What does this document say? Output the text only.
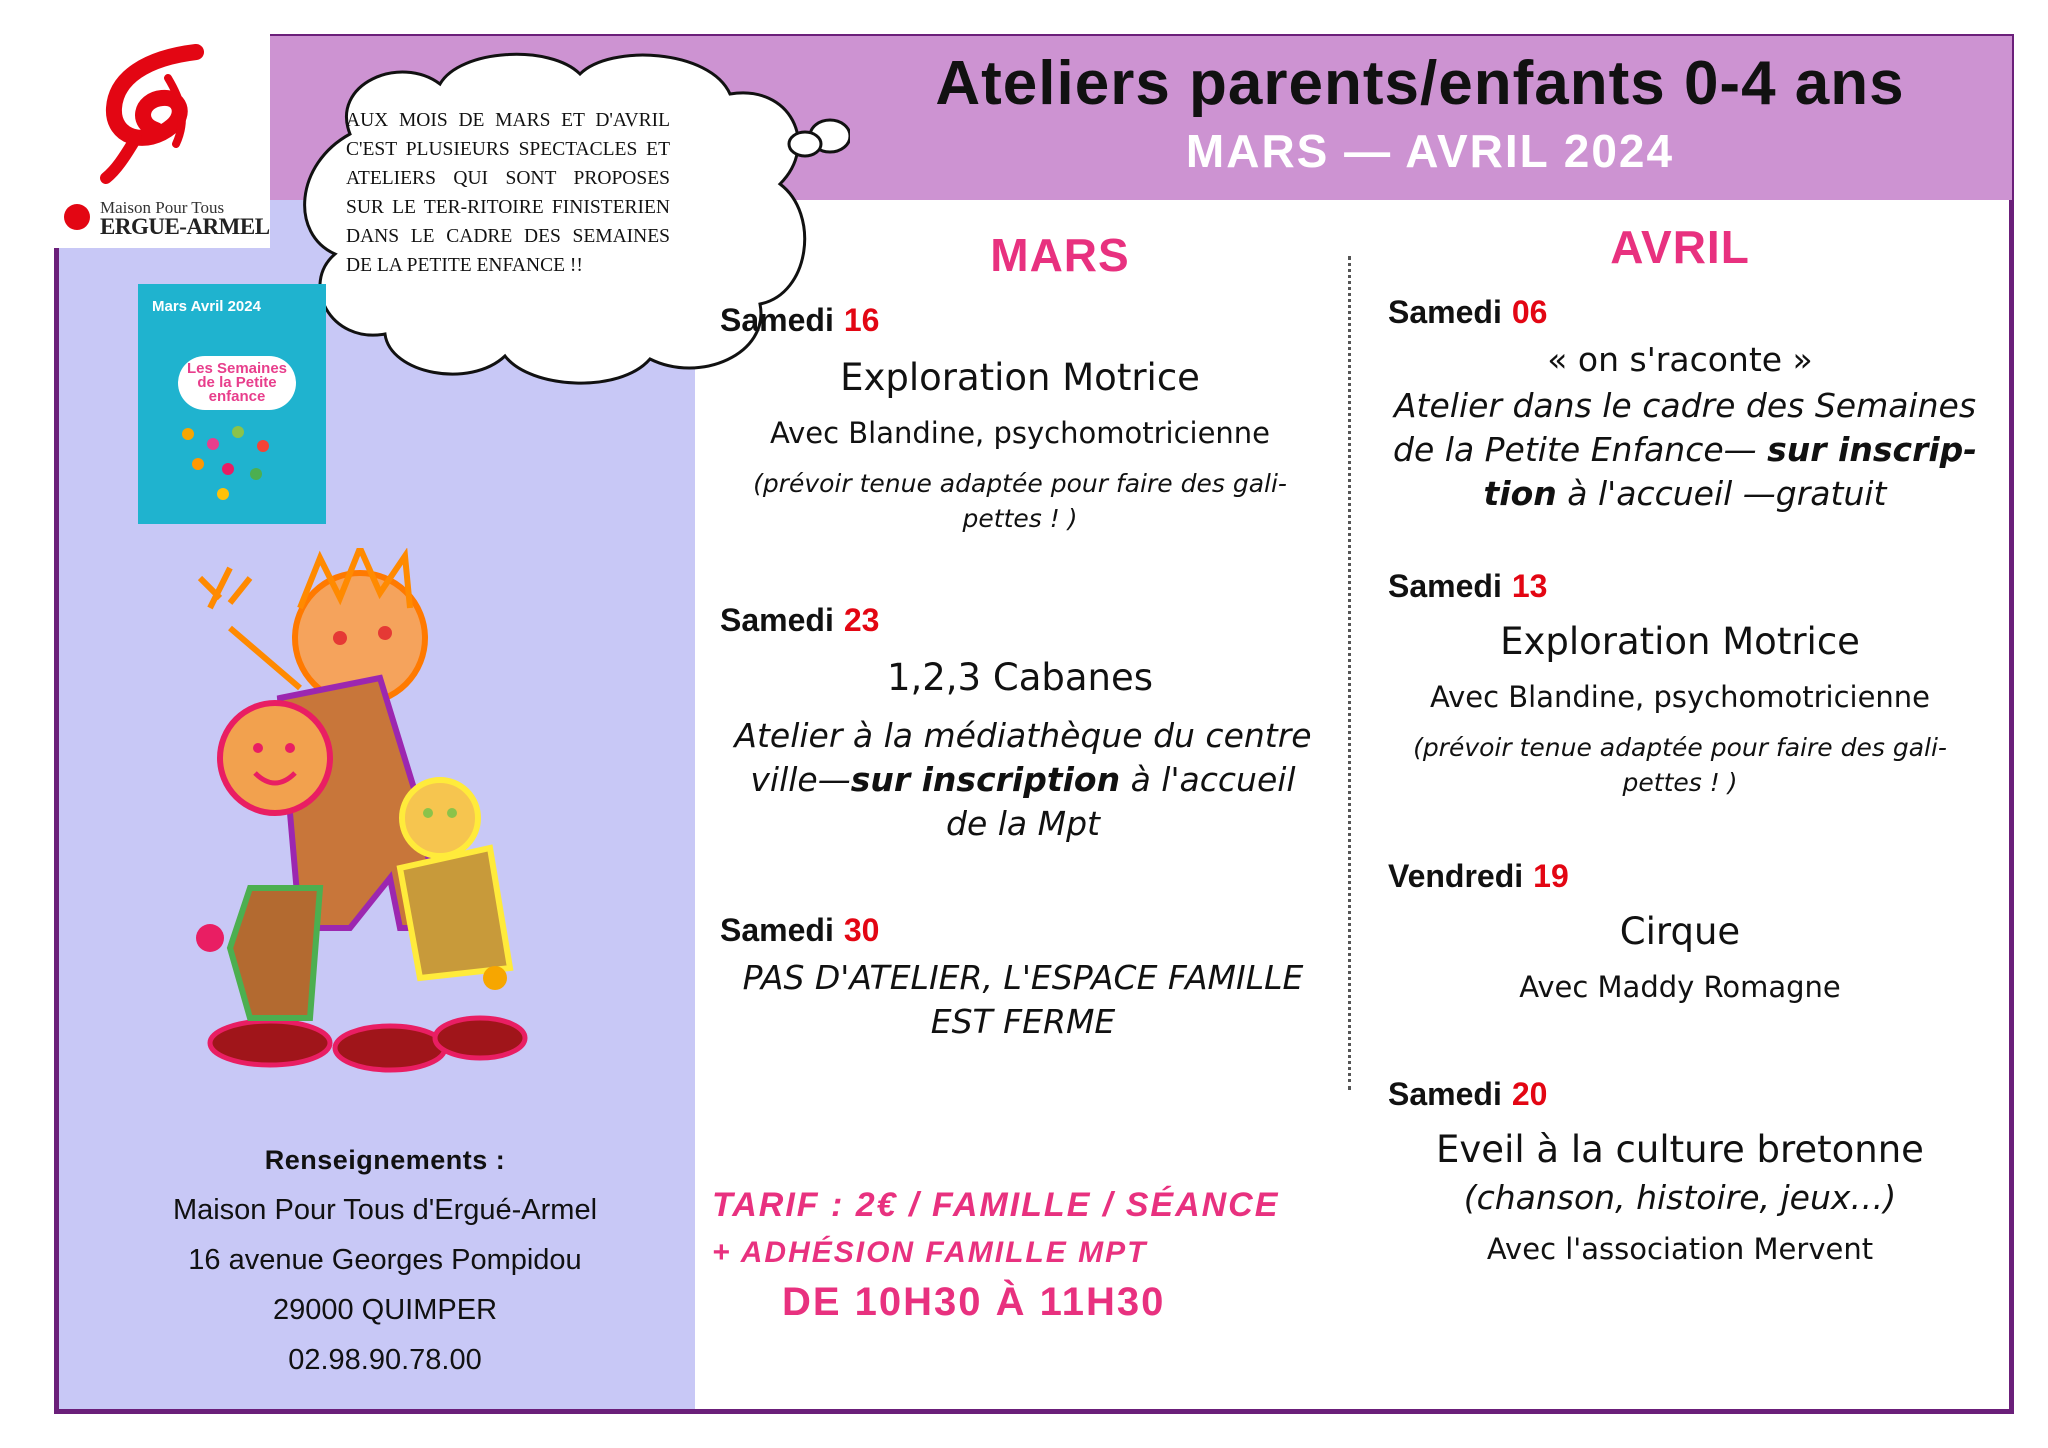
Maison Pour Tous
ERGUE-ARMEL
Ateliers parents/enfants 0-4 ans
MARS — AVRIL 2024
AUX MOIS DE MARS ET D'AVRIL C'EST PLUSIEURS SPECTACLES ET ATELIERS QUI SONT PROPOSES SUR LE TER-RITOIRE FINISTERIEN DANS LE CADRE DES SEMAINES DE LA PETITE ENFANCE !!
Mars Avril 2024
Les Semaines de la Petite enfance
Renseignements :
Maison Pour Tous d'Ergué-Armel
16 avenue Georges Pompidou
29000 QUIMPER
02.98.90.78.00
MARS	AVRIL
Samedi 16
Exploration Motrice
Avec Blandine, psychomotricienne
(prévoir tenue adaptée pour faire des gali-pettes ! )
Samedi 23
1,2,3 Cabanes
Atelier à la médiathèque du centre ville—sur inscription à l'accueil de la Mpt
Samedi 30
PAS D'ATELIER, L'ESPACE FAMILLE EST FERME
Samedi 06
« on s'raconte »
Atelier dans le cadre des Semaines de la Petite Enfance— sur inscrip-tion à l'accueil —gratuit
Samedi 13
Exploration Motrice
Avec Blandine, psychomotricienne
(prévoir tenue adaptée pour faire des gali-pettes ! )
Vendredi 19
Cirque
Avec Maddy Romagne
Samedi 20
Eveil à la culture bretonne
(chanson, histoire, jeux…)
Avec l'association Mervent
TARIF : 2€ / FAMILLE / SÉANCE
+ ADHÉSION FAMILLE MPT
DE 10H30 À 11H30
